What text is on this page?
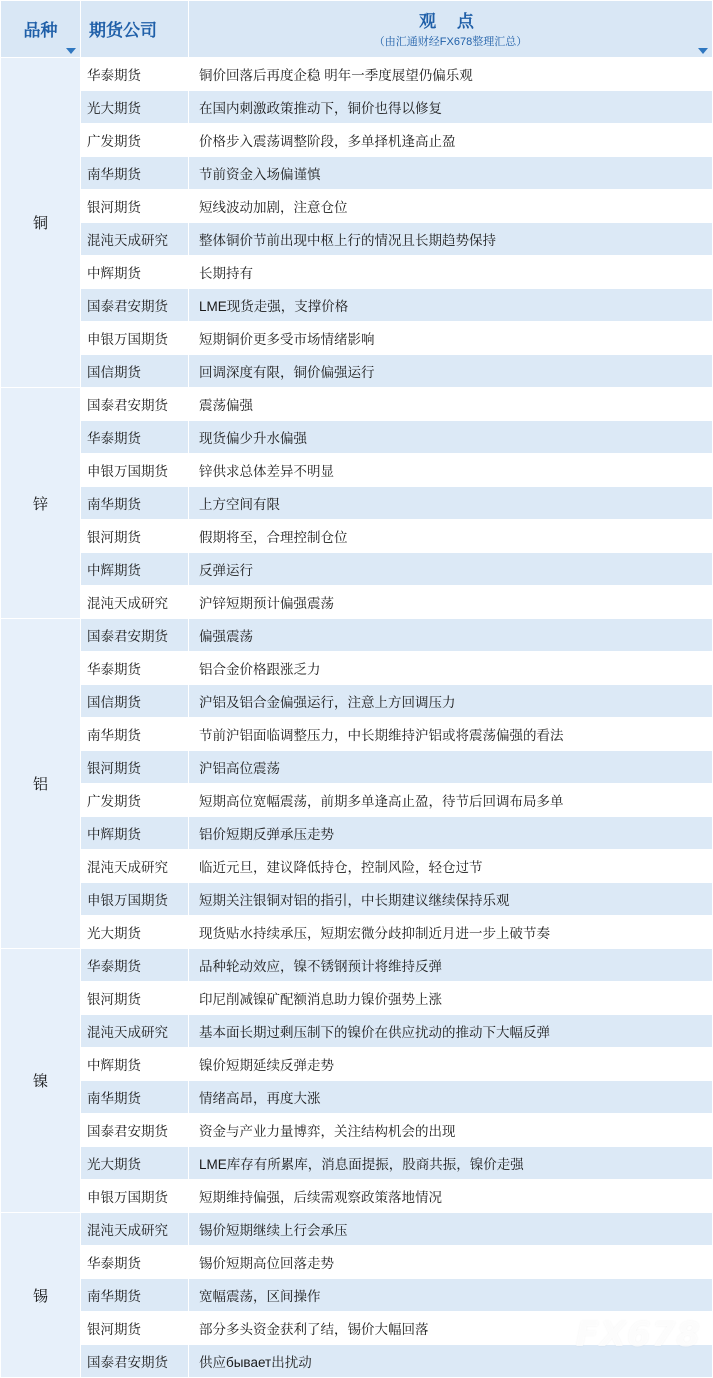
品种	期货公司	观 点
（由汇通财经FX678整理汇总）

铜	华泰期货	铜价回落后再度企稳 明年一季度展望仍偏乐观
	光大期货	在国内刺激政策推动下，铜价也得以修复
	广发期货	价格步入震荡调整阶段，多单择机逢高止盈
	南华期货	节前资金入场偏谨慎
	银河期货	短线波动加剧，注意仓位
	混沌天成研究	整体铜价节前出现中枢上行的情况且长期趋势保持
	中辉期货	长期持有
	国泰君安期货	LME现货走强，支撑价格
	申银万国期货	短期铜价更多受市场情绪影响
	国信期货	回调深度有限，铜价偏强运行
锌	国泰君安期货	震荡偏强
	华泰期货	现货偏少升水偏强
	申银万国期货	锌供求总体差异不明显
	南华期货	上方空间有限
	银河期货	假期将至，合理控制仓位
	中辉期货	反弹运行
	混沌天成研究	沪锌短期预计偏强震荡
铝	国泰君安期货	偏强震荡
	华泰期货	铝合金价格跟涨乏力
	国信期货	沪铝及铝合金偏强运行，注意上方回调压力
	南华期货	节前沪铝面临调整压力，中长期维持沪铝或将震荡偏强的看法
	银河期货	沪铝高位震荡
	广发期货	短期高位宽幅震荡，前期多单逢高止盈，待节后回调布局多单
	中辉期货	铝价短期反弹承压走势
	混沌天成研究	临近元旦，建议降低持仓，控制风险，轻仓过节
	申银万国期货	短期关注银铜对铝的指引，中长期建议继续保持乐观
	光大期货	现货贴水持续承压，短期宏微分歧抑制近月进一步上破节奏
镍	华泰期货	品种轮动效应，镍不锈钢预计将维持反弹
	银河期货	印尼削减镍矿配额消息助力镍价强势上涨
	混沌天成研究	基本面长期过剩压制下的镍价在供应扰动的推动下大幅反弹
	中辉期货	镍价短期延续反弹走势
	南华期货	情绪高昂，再度大涨
	国泰君安期货	资金与产业力量博弈，关注结构机会的出现
	光大期货	LME库存有所累库，消息面提振，股商共振，镍价走强
	申银万国期货	短期维持偏强，后续需观察政策落地情况
锡	混沌天成研究	锡价短期继续上行会承压
	华泰期货	锡价短期高位回落走势
	南华期货	宽幅震荡，区间操作
	银河期货	部分多头资金获利了结，锡价大幅回落
	国泰君安期货	供应бывает出扰动
FX678
